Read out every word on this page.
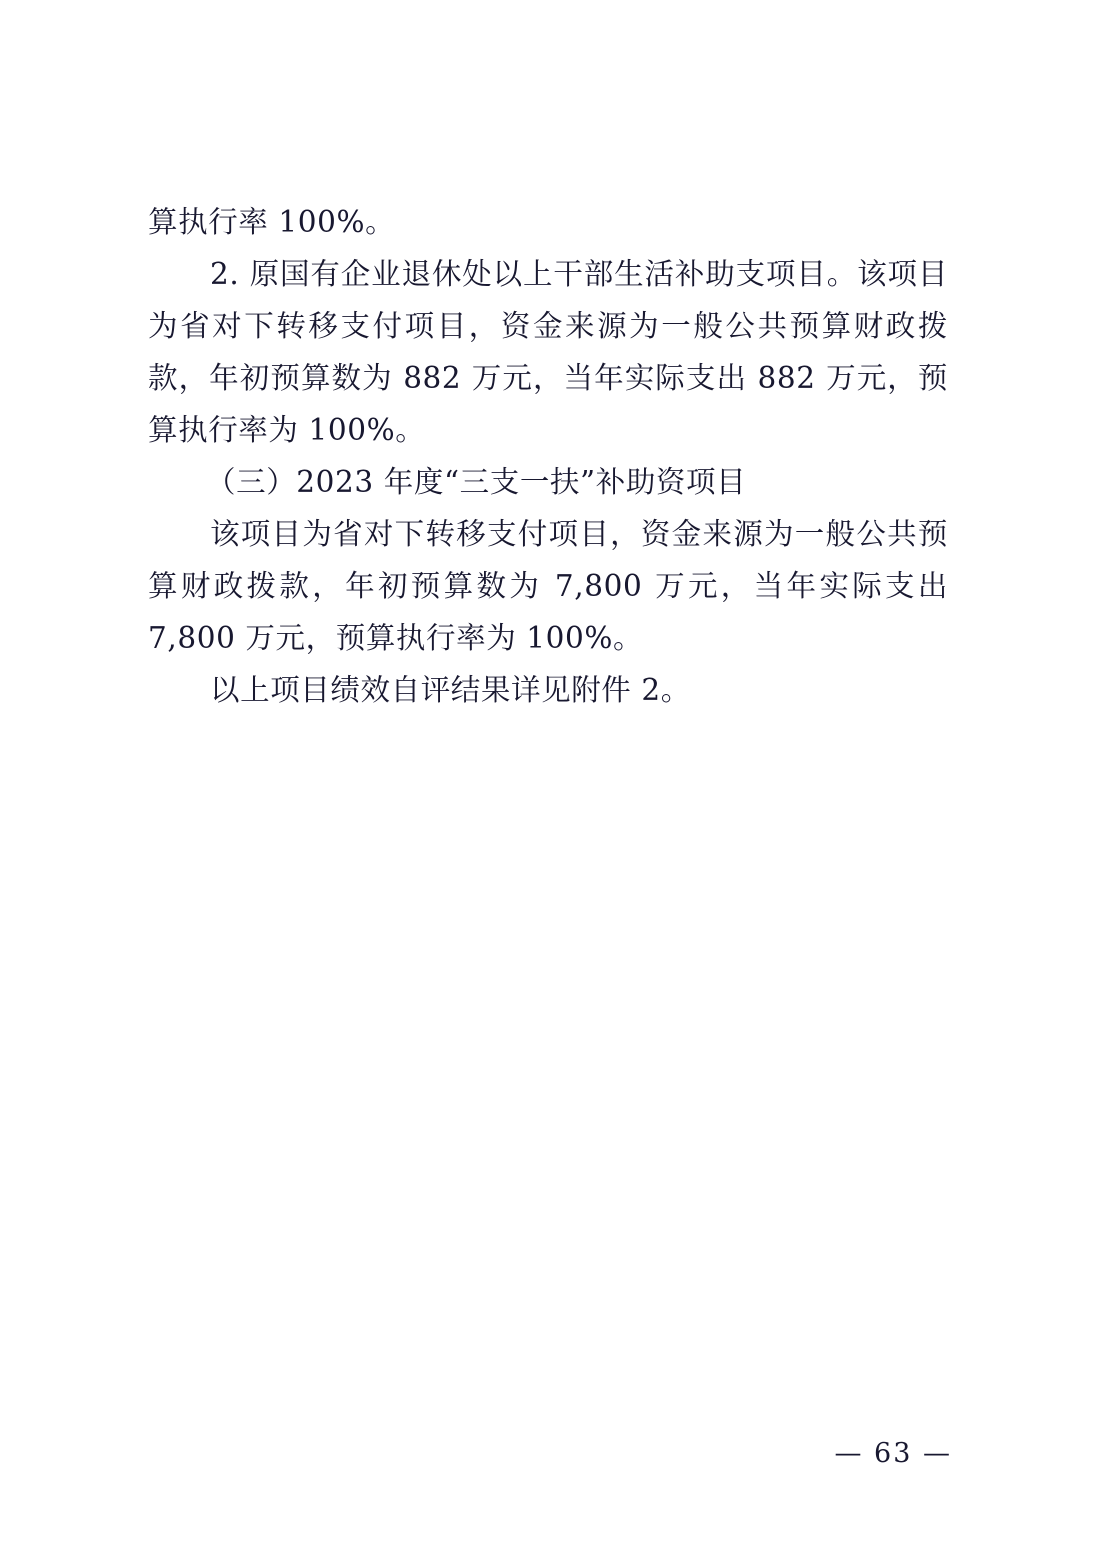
算执行率 100%。

2. 原国有企业退休处以上干部生活补助支项目。该项目为省对下转移支付项目，资金来源为一般公共预算财政拨款，年初预算数为 882 万元，当年实际支出 882 万元，预算执行率为 100%。

（三）2023 年度“三支一扶”补助资项目

该项目为省对下转移支付项目，资金来源为一般公共预算财政拨款，年初预算数为 7,800 万元，当年实际支出 7,800 万元，预算执行率为 100%。

以上项目绩效自评结果详见附件 2。

— 63 —
